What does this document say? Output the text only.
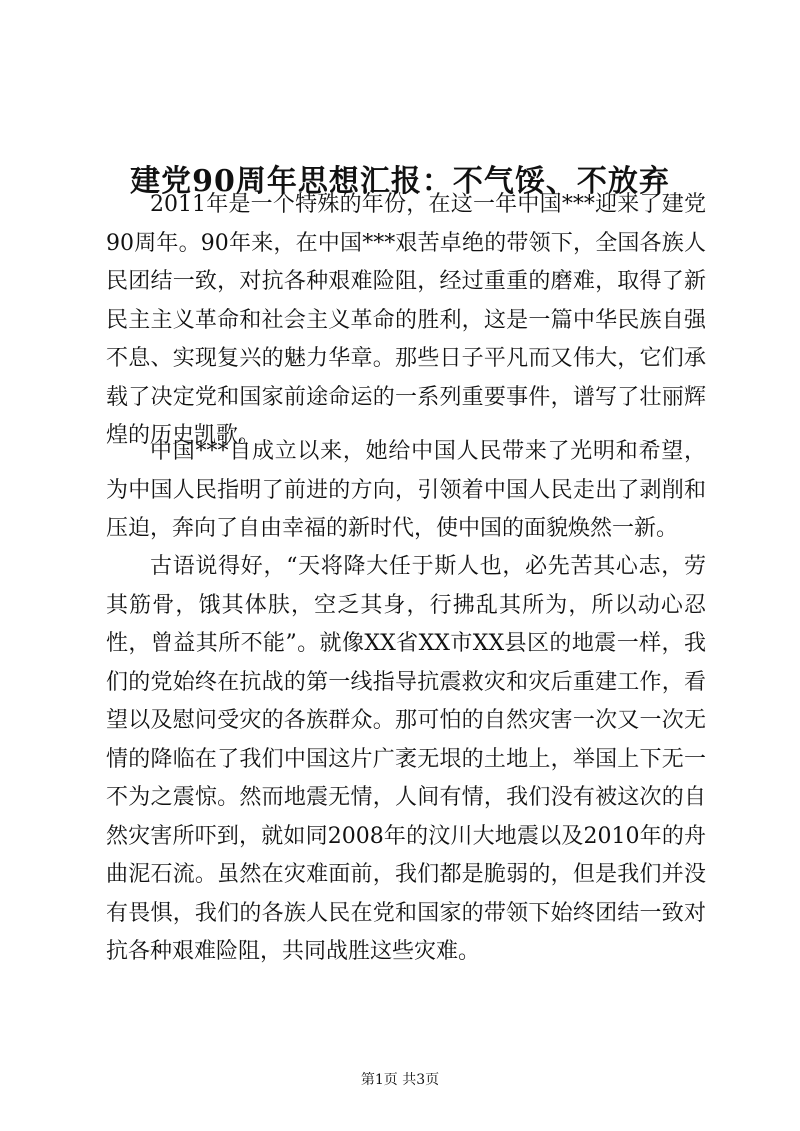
建党90周年思想汇报：不气馁、不放弃

2011年是一个特殊的年份，在这一年中国***迎来了建党90周年。90年来，在中国***艰苦卓绝的带领下，全国各族人民团结一致，对抗各种艰难险阻，经过重重的磨难，取得了新民主主义革命和社会主义革命的胜利，这是一篇中华民族自强不息、实现复兴的魅力华章。那些日子平凡而又伟大，它们承载了决定党和国家前途命运的一系列重要事件，谱写了壮丽辉煌的历史凯歌。

中国***自成立以来，她给中国人民带来了光明和希望，为中国人民指明了前进的方向，引领着中国人民走出了剥削和压迫，奔向了自由幸福的新时代，使中国的面貌焕然一新。

古语说得好，“天将降大任于斯人也，必先苦其心志，劳其筋骨，饿其体肤，空乏其身，行拂乱其所为，所以动心忍性，曾益其所不能”。就像XX省XX市XX县区的地震一样，我们的党始终在抗战的第一线指导抗震救灾和灾后重建工作，看望以及慰问受灾的各族群众。那可怕的自然灾害一次又一次无情的降临在了我们中国这片广袤无垠的土地上，举国上下无一不为之震惊。然而地震无情，人间有情，我们没有被这次的自然灾害所吓到，就如同2008年的汶川大地震以及2010年的舟曲泥石流。虽然在灾难面前，我们都是脆弱的，但是我们并没有畏惧，我们的各族人民在党和国家的带领下始终团结一致对抗各种艰难险阻，共同战胜这些灾难。

第1页 共3页
